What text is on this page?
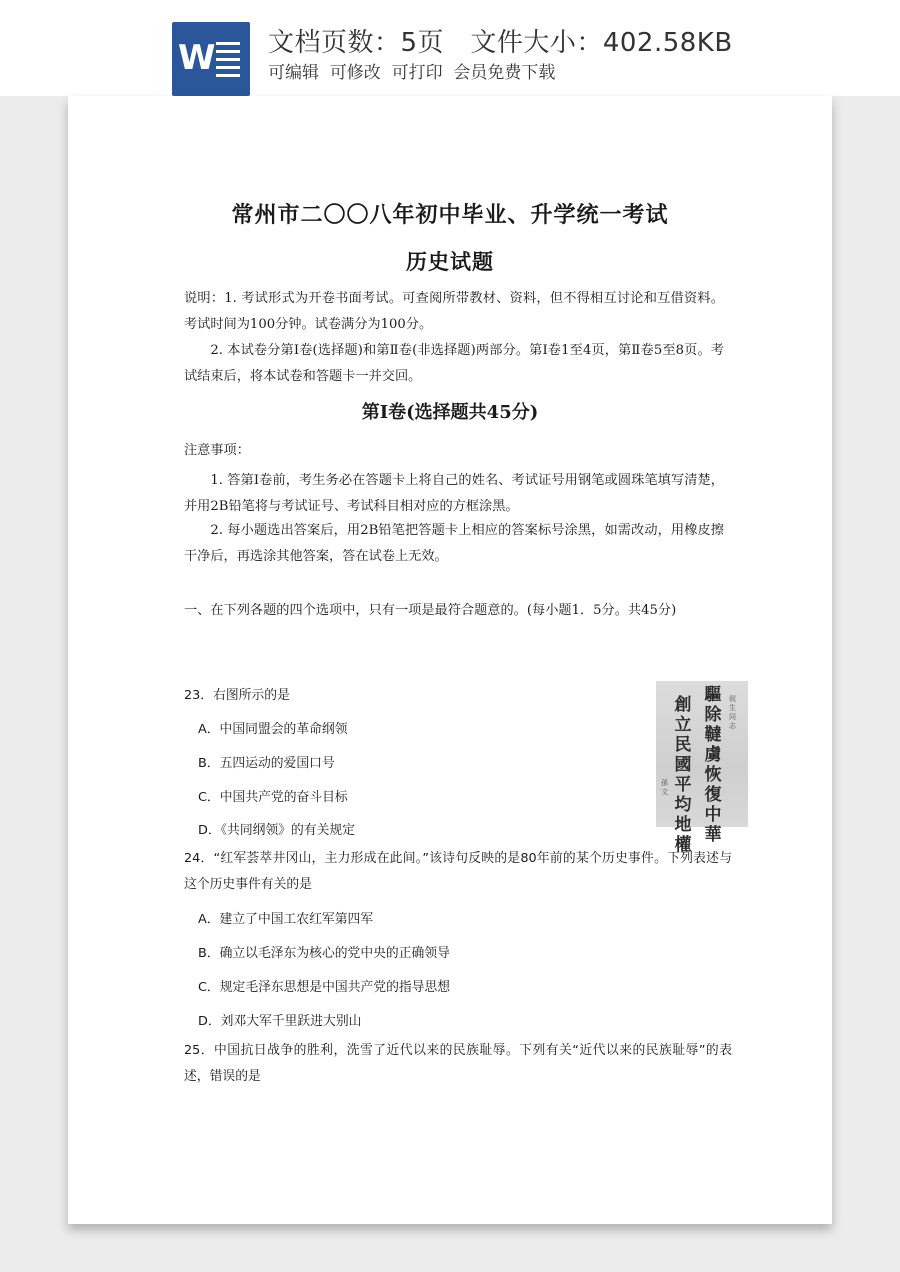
W 文档页数：5页   文件大小：402.58KB
可编辑  可修改  可打印  会员免费下载
常州市二〇〇八年初中毕业、升学统一考试
历史试题
说明：1. 考试形式为开卷书面考试。可查阅所带教材、资料，但不得相互讨论和互借资料。考试时间为100分钟。试卷满分为100分。
2. 本试卷分第Ⅰ卷(选择题)和第Ⅱ卷(非选择题)两部分。第Ⅰ卷1至4页，第Ⅱ卷5至8页。考试结束后，将本试卷和答题卡一并交回。
第Ⅰ卷(选择题共45分)
注意事项：
1. 答第Ⅰ卷前，考生务必在答题卡上将自己的姓名、考试证号用钢笔或圆珠笔填写清楚，并用2B铅笔将与考试证号、考试科目相对应的方框涂黑。
2. 每小题选出答案后，用2B铅笔把答题卡上相应的答案标号涂黑，如需改动，用橡皮擦干净后，再选涂其他答案，答在试卷上无效。
一、在下列各题的四个选项中，只有一项是最符合题意的。(每小题1．5分。共45分)
23．右图所示的是
A．中国同盟会的革命纲领
B．五四运动的爱国口号
C．中国共产党的奋斗目标
D．《共同纲领》的有关规定
驅
除
韃
虜
恢
復
中
華
創
立
民
國
平
均
地
權
叙
生
同
志
孫
文
24．“红军荟萃井冈山，主力形成在此间。”该诗句反映的是80年前的某个历史事件。下列表述与这个历史事件有关的是
A．建立了中国工农红军第四军
B．确立以毛泽东为核心的党中央的正确领导
C．规定毛泽东思想是中国共产党的指导思想
D．刘邓大军千里跃进大别山
25．中国抗日战争的胜利，洗雪了近代以来的民族耻辱。下列有关“近代以来的民族耻辱”的表述，错误的是
